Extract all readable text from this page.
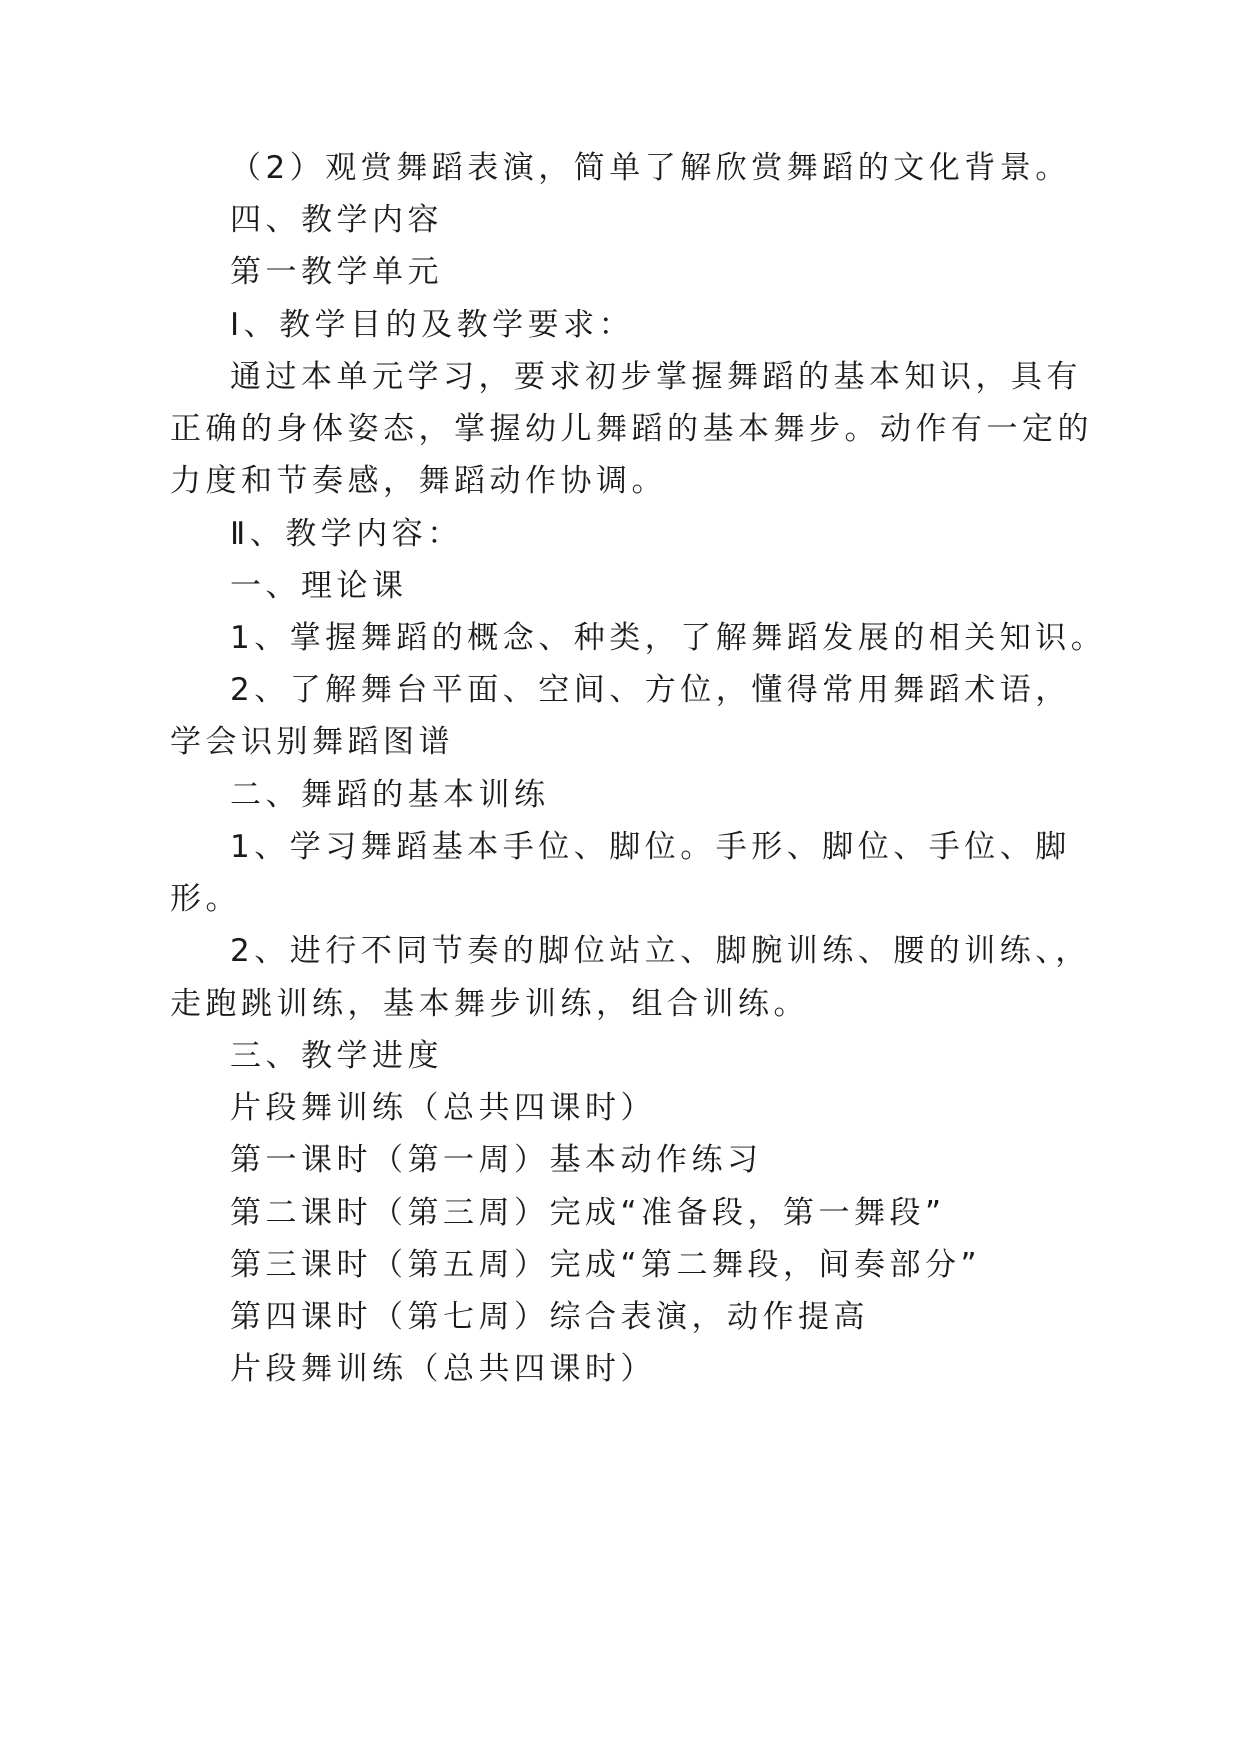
（2）观赏舞蹈表演，简单了解欣赏舞蹈的文化背景。

四、教学内容

第一教学单元

Ⅰ、教学目的及教学要求：

通过本单元学习，要求初步掌握舞蹈的基本知识，具有

正确的身体姿态，掌握幼儿舞蹈的基本舞步。动作有一定的

力度和节奏感，舞蹈动作协调。

Ⅱ、教学内容：

一、理论课

1、掌握舞蹈的概念、种类，了解舞蹈发展的相关知识。

2、了解舞台平面、空间、方位，懂得常用舞蹈术语，

学会识别舞蹈图谱

二、舞蹈的基本训练

1、学习舞蹈基本手位、脚位。手形、脚位、手位、脚

形。

2、进行不同节奏的脚位站立、脚腕训练、腰的训练、，

走跑跳训练，基本舞步训练，组合训练。

三、教学进度

片段舞训练（总共四课时）

第一课时（第一周）基本动作练习

第二课时（第三周）完成“准备段，第一舞段”

第三课时（第五周）完成“第二舞段，间奏部分”

第四课时（第七周）综合表演，动作提高

片段舞训练（总共四课时）
